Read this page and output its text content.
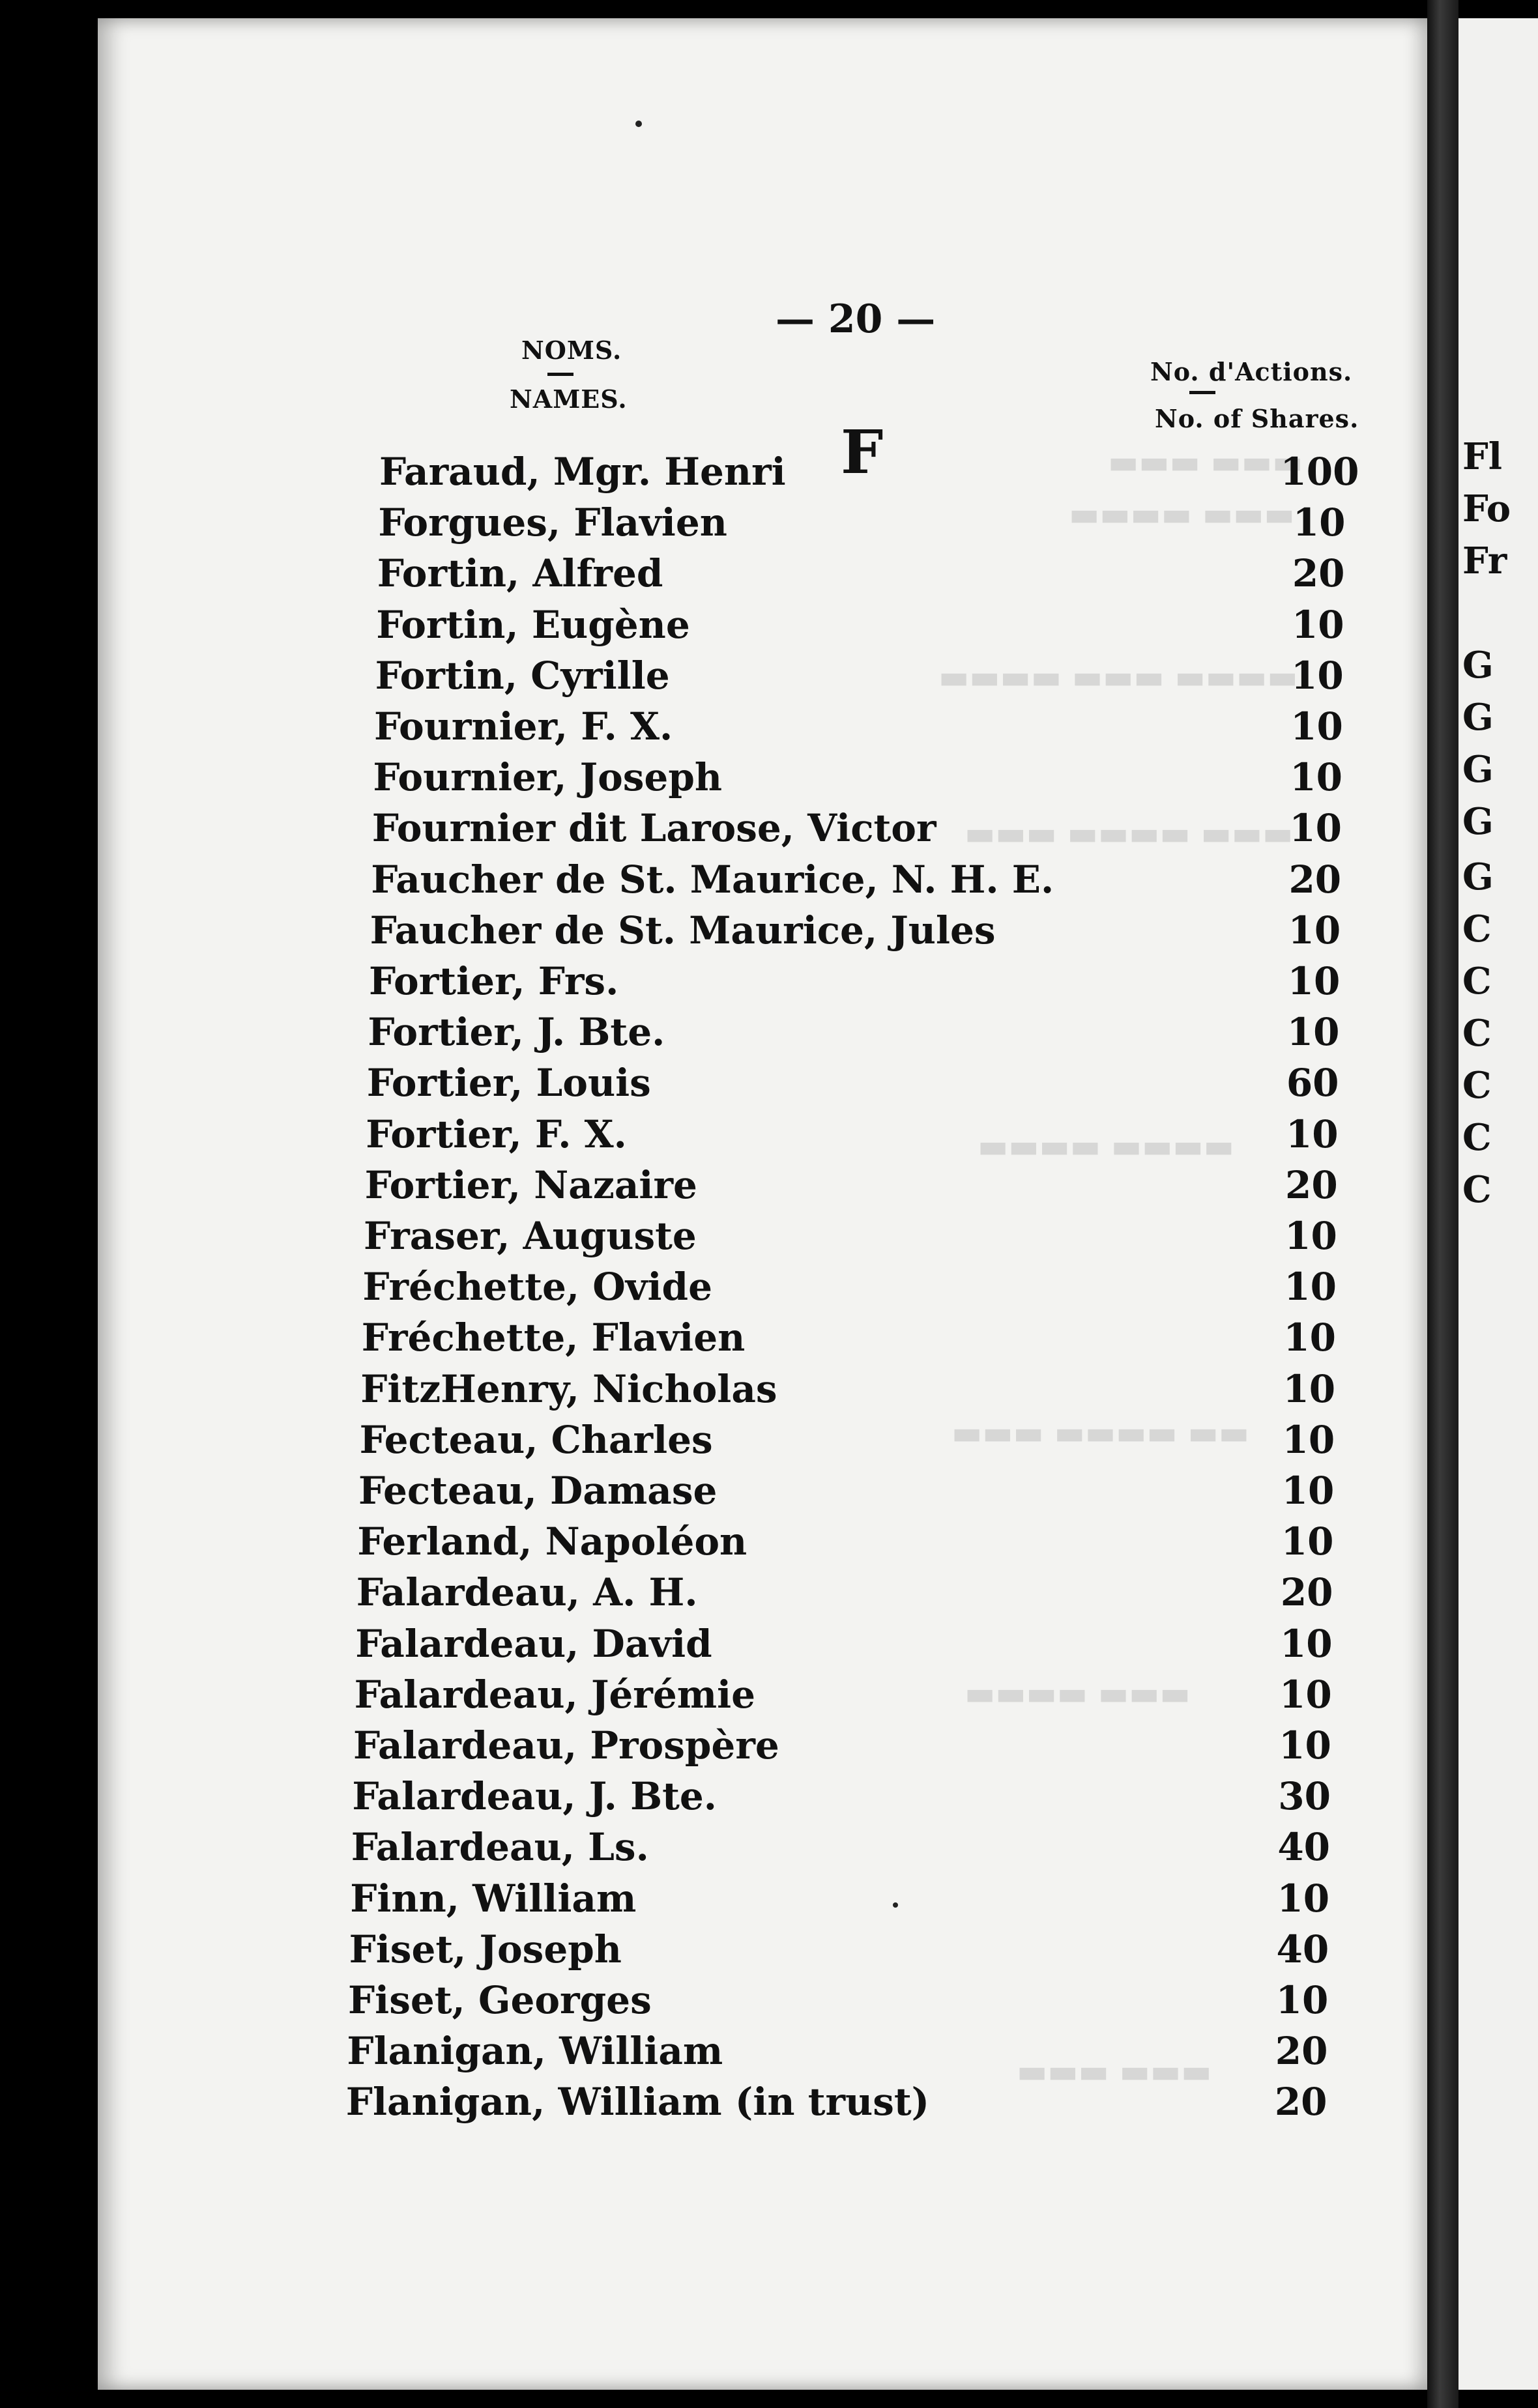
Fl
Fo
Fr
G
G
G
G
G
C
C
C
C
C
C
▬▬▬ ▬▬▬
▬▬▬▬ ▬▬▬
▬▬▬▬ ▬▬▬ ▬▬▬▬
▬▬▬ ▬▬▬▬ ▬▬▬
▬▬▬▬ ▬▬▬▬
▬▬▬ ▬▬▬▬ ▬▬
▬▬▬▬ ▬▬▬
▬▬▬ ▬▬▬
— 20 —
NOMS.
NAMES.
No. d'Actions.
No. of Shares.
F
Faraud, Mgr. Henri	100
Forgues, Flavien	10
Fortin, Alfred	20
Fortin, Eugène	10
Fortin, Cyrille	10
Fournier, F. X.	10
Fournier, Joseph	10
Fournier dit Larose, Victor	10
Faucher de St. Maurice, N. H. E.	20
Faucher de St. Maurice, Jules	10
Fortier, Frs.	10
Fortier, J. Bte.	10
Fortier, Louis	60
Fortier, F. X.	10
Fortier, Nazaire	20
Fraser, Auguste	10
Fréchette, Ovide	10
Fréchette, Flavien	10
FitzHenry, Nicholas	10
Fecteau, Charles	10
Fecteau, Damase	10
Ferland, Napoléon	10
Falardeau, A. H.	20
Falardeau, David	10
Falardeau, Jérémie	10
Falardeau, Prospère	10
Falardeau, J. Bte.	30
Falardeau, Ls.	40
Finn, William	10
Fiset, Joseph	40
Fiset, Georges	10
Flanigan, William	20
Flanigan, William (in trust)	20
